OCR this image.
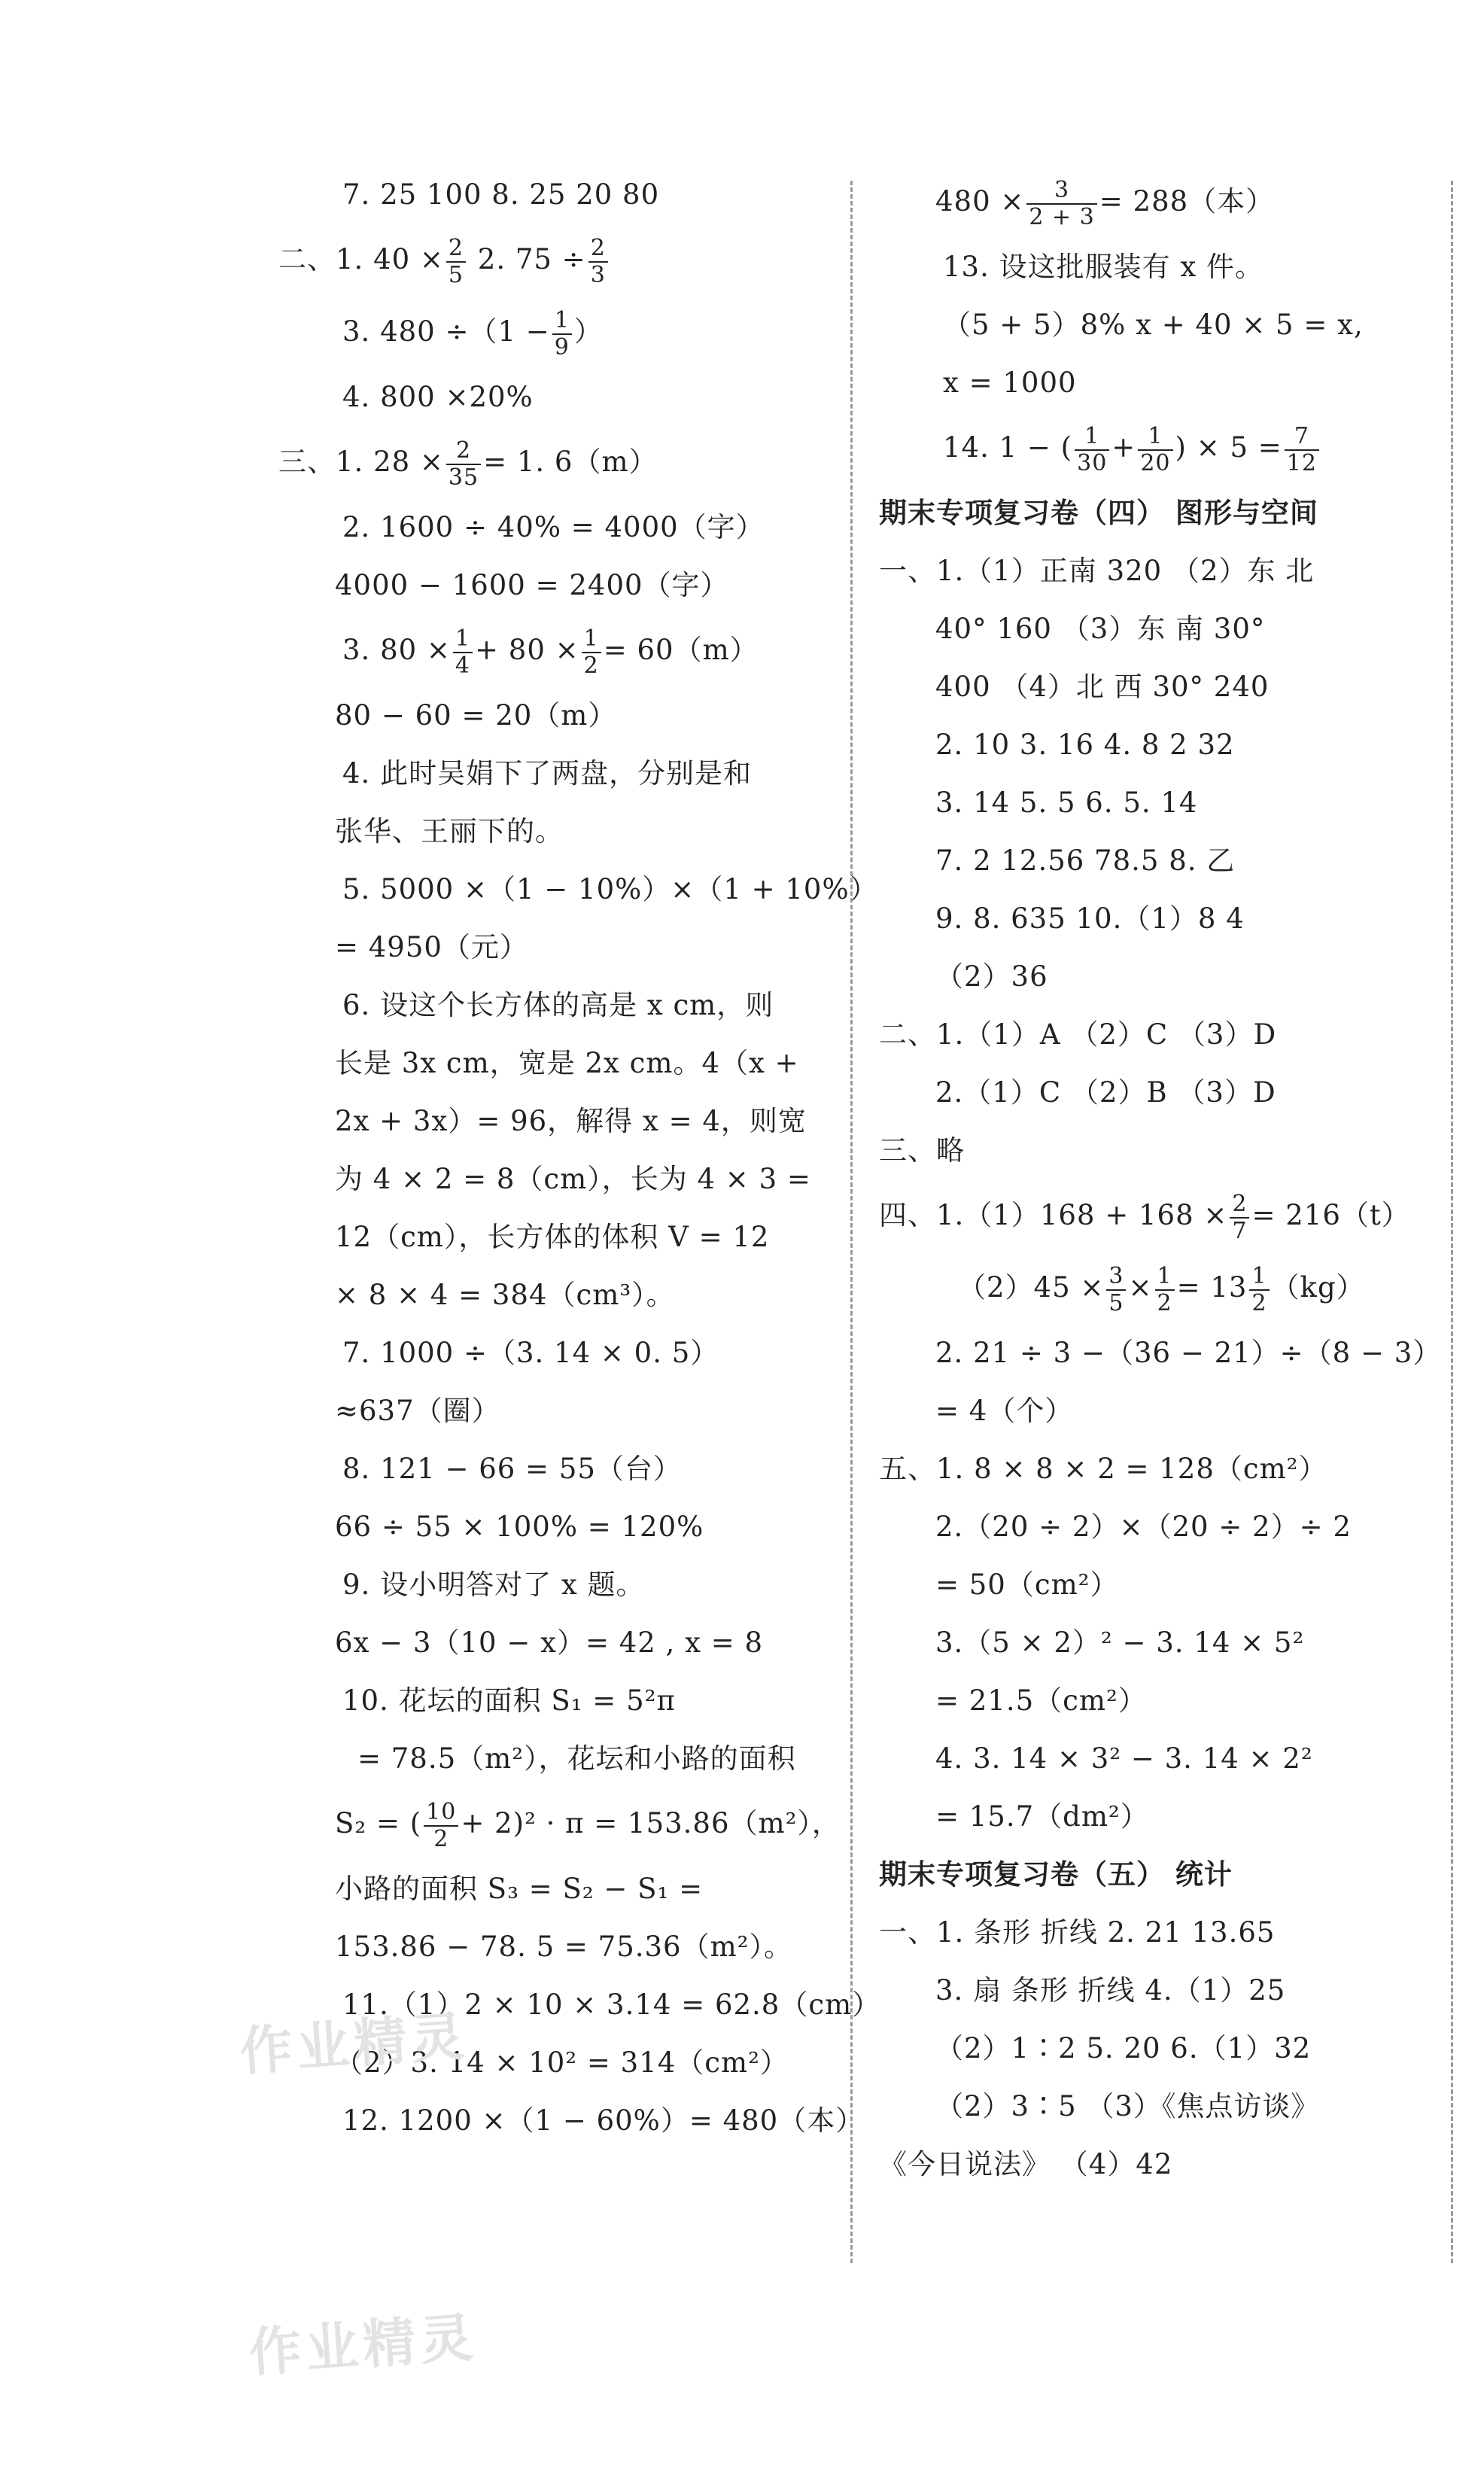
7. 25 100 8. 25 20 80
二、1. $40 \times \frac{2}{5} 2$. $75 \div \frac{2}{3}$
3. $480 \div(1 - \frac{1}{9}$ ）
4. 800 ×20%
三、1. $28 \times \frac{2}{35} = 1$. 6（m）
2. 1600 ÷ 40% = 4000（字）
4000 − 1600 = 2400（字）
3. $80 \times \frac{1}{4} + 80 \times \frac{1}{2} = 60(m)$
80 − 60 = 20（m）
4. 此时吴娟下了两盘，分别是和
张华、王丽下的。
5. 5000 ×（1 − 10%）×（1 + 10%）
= 4950（元）
6. 设这个长方体的高是 x cm，则
长是 3x cm，宽是 2x cm。4（x +
2x + 3x）= 96，解得 x = 4，则宽
为 4 × 2 = 8（cm），长为 4 × 3 =
12（cm），长方体的体积 V = 12
× 8 × 4 = 384（cm³）。
7. 1000 ÷（3. 14 × 0. 5）
≈637（圈）
8. 121 − 66 = 55（台）
66 ÷ 55 × 100% = 120%
9. 设小明答对了 x 题。
6x − 3（10 − x）= 42 , x = 8
10. 花坛的面积 S₁ = 5²π
= 78.5（m²），花坛和小路的面积
S₂ = ( $\frac{10}{2} + 2)^2 \cdot \pi = 153.86(m^2)$，
小路的面积 S₃ = S₂ − S₁ =
153.86 − 78. 5 = 75.36（m²）。
11.（1）2 × 10 × 3.14 = 62.8（cm）
（2）3. 14 × 10² = 314（cm²）
12. 1200 ×（1 − 60%）= 480（本）
$480 \times \frac{3}{2 + 3} = 288$（本）
13. 设这批服装有 x 件。
（5 + 5）8% x + 40 × 5 = x,
x = 1000
14. 1 − ( $\frac{1}{30} + \frac{1}{20}$ ) × $5 = \frac{7}{12}$
期末专项复习卷（四） 图形与空间
一、1.（1）正南 320 （2）东 北
40° 160 （3）东 南 30°
400 （4）北 西 30° 240
2. 10 3. 16 4. 8 2 32
3. 14 5. 5 6. 5. 14
7. 2 12.56 78.5 8. 乙
9. 8. 635 10.（1）8 4
（2）36
二、1.（1）A （2）C （3）D
2.（1）C （2）B （3）D
三、略
四、$1.(1)168 + 168 \times \frac{2}{7} = 216(t)$
$(2)45 \times \frac{3}{5} \times \frac{1}{2} = 13 \frac{1}{2} (kg)$
2. 21 ÷ 3 −（36 − 21）÷（8 − 3）
= 4（个）
五、1. 8 × 8 × 2 = 128（cm²）
2.（20 ÷ 2）×（20 ÷ 2）÷ 2
= 50（cm²）
3.（5 × 2）² − 3. 14 × 5²
= 21.5（cm²）
4. 3. 14 × 3² − 3. 14 × 2²
= 15.7（dm²）
期末专项复习卷（五） 统计
一、1. 条形 折线 2. 21 13.65
3. 扇 条形 折线 4.（1）25
（2）1∶2 5. 20 6.（1）32
（2）3∶5 （3）《焦点访谈》
《今日说法》 （4）42
作业精灵
作业精灵
